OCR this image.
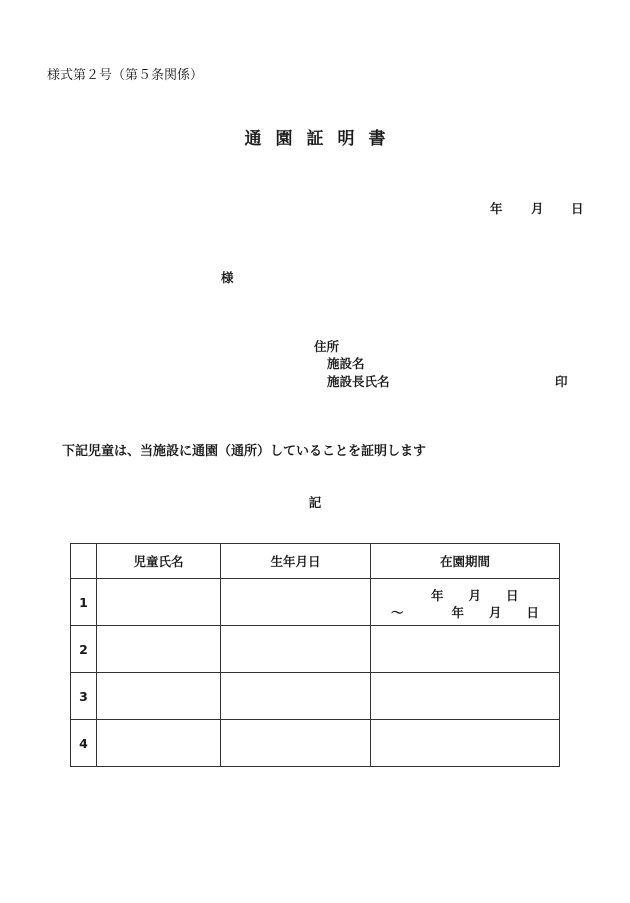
様式第２号（第５条関係）
通園証明書
年 月 日
様
住所
施設名
施設長氏名	印
下記児童は、当施設に通園（通所）していることを証明します
記
	児童氏名	生年月日	在園期間
1			年　　月　　日
～ 年　　月　　日

2			
3			
4			
